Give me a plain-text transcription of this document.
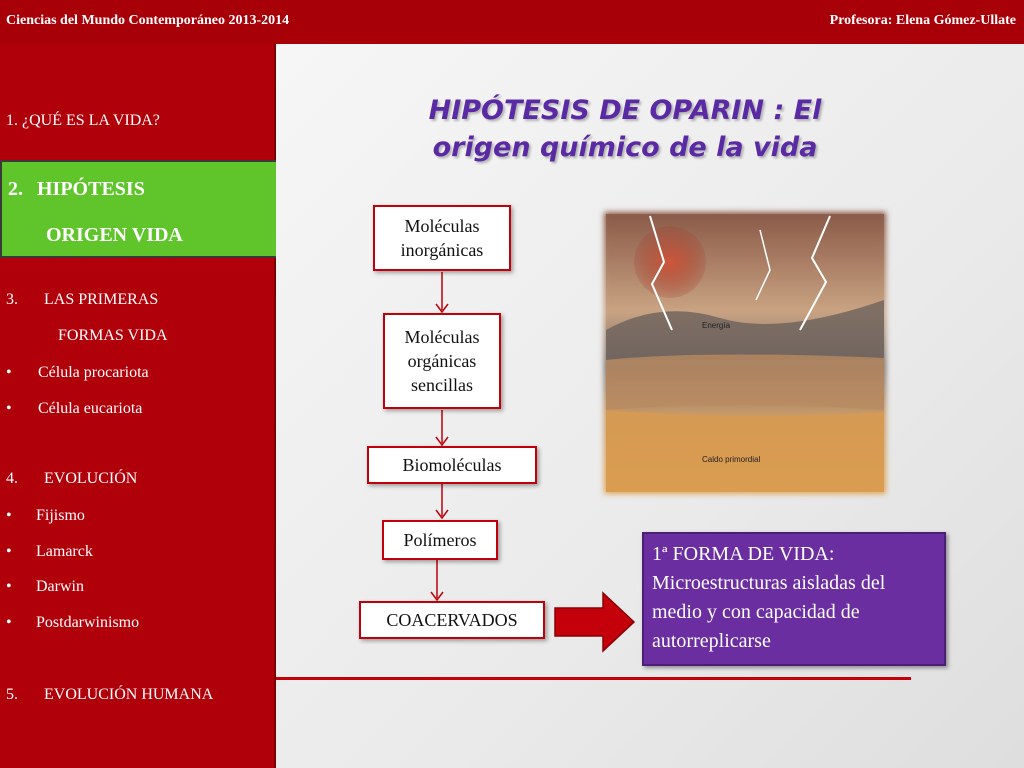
Ciencias del Mundo Contemporáneo 2013-2014	Profesora: Elena Gómez-Ullate
1. ¿QUÉ ES LA VIDA?
2. HIPÓTESIS
ORIGEN VIDA
3. LAS PRIMERAS
FORMAS VIDA
• Célula procariota
• Célula eucariota
4. EVOLUCIÓN
• Fijismo
• Lamarck
• Darwin
• Postdarwinismo
5. EVOLUCIÓN HUMANA
HIPÓTESIS DE OPARIN : El
origen químico de la vida
Energía
Caldo primordial
Moléculas inorgánicas
Moléculas orgánicas sencillas
Biomoléculas
Polímeros
COACERVADOS
1ª FORMA DE VIDA: Microestructuras aisladas del medio y con capacidad de autorreplicarse
